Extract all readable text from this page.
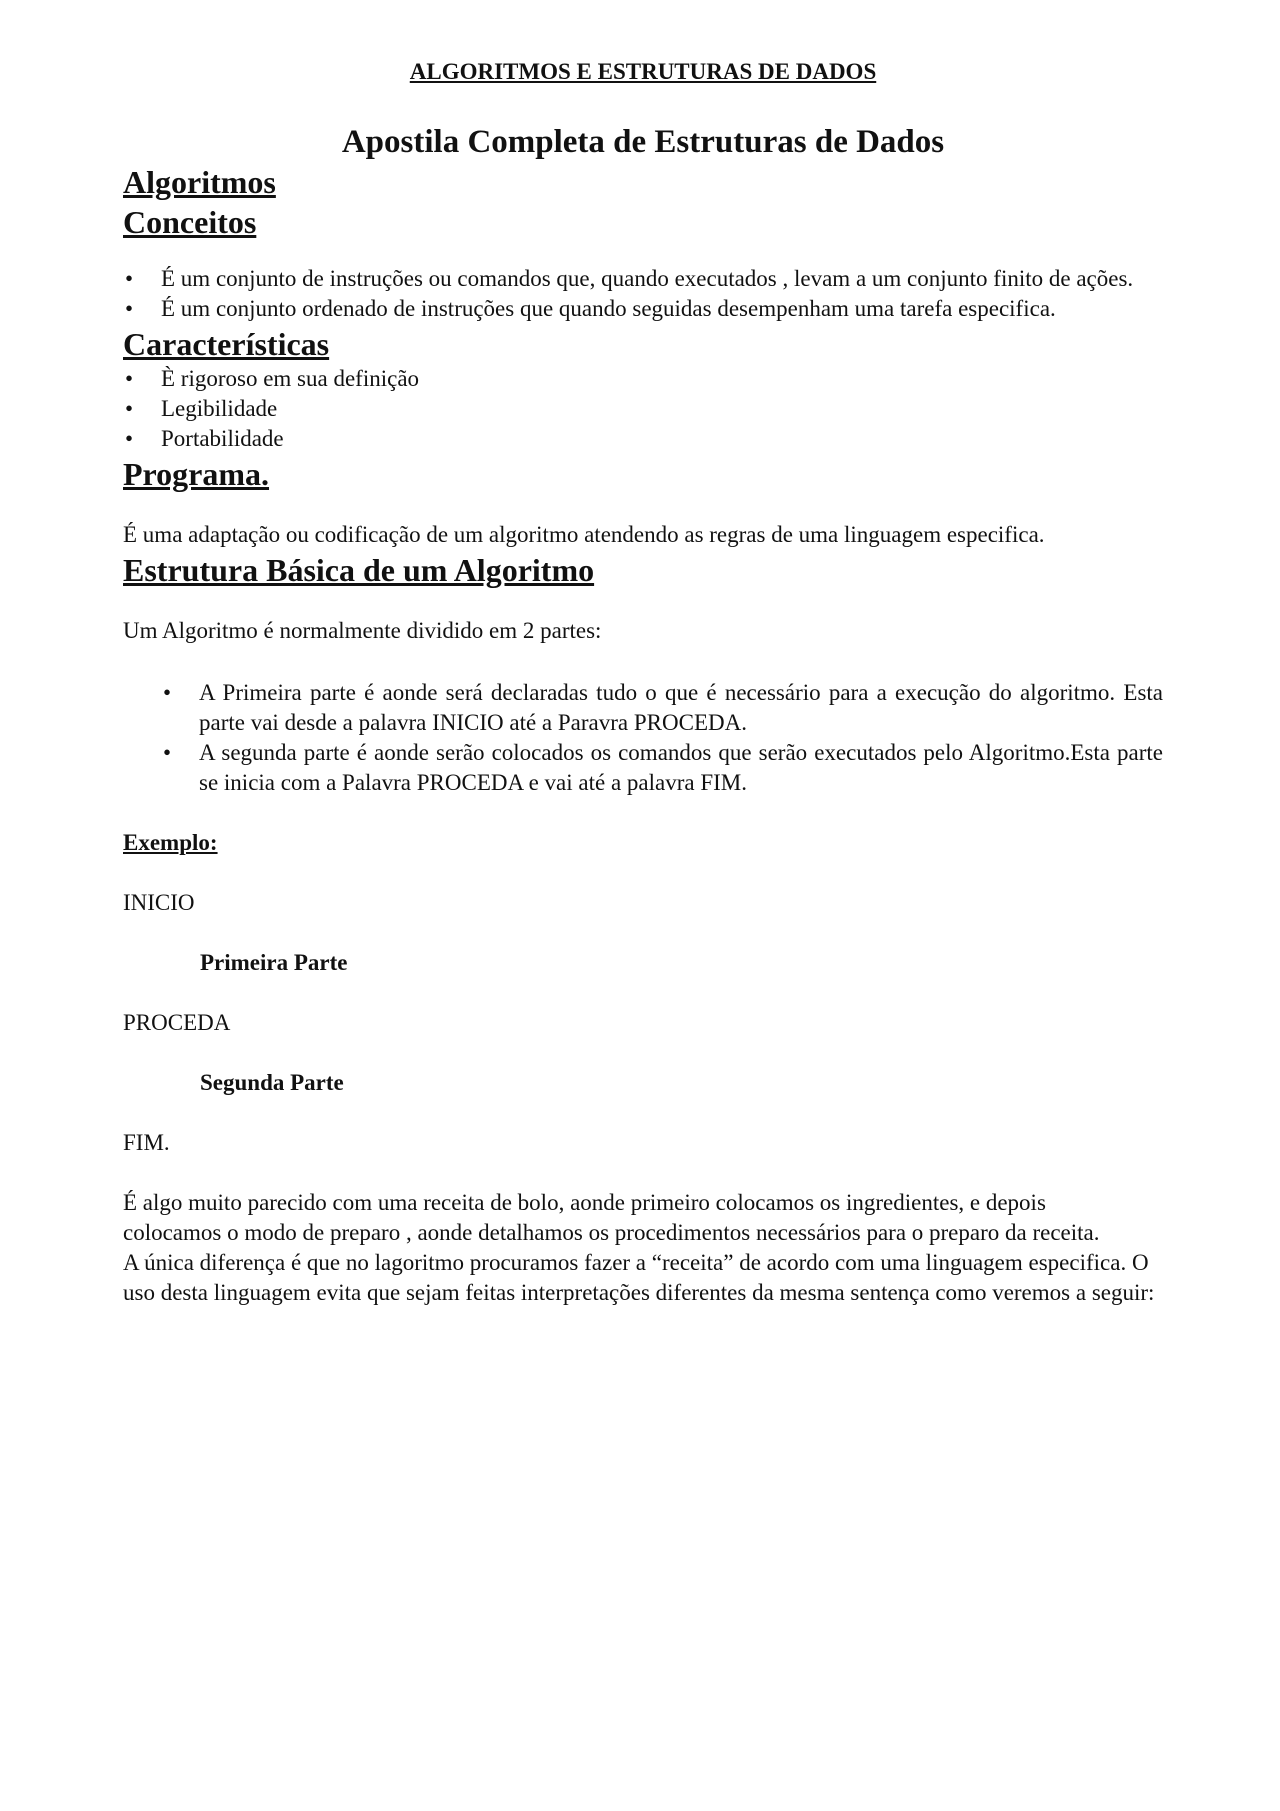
ALGORITMOS E ESTRUTURAS DE DADOS

Apostila Completa de Estruturas de Dados

Algoritmos
Conceitos
• É um conjunto de instruções ou comandos que, quando executados , levam a um conjunto finito de ações.
• É um conjunto ordenado de instruções que quando seguidas desempenham uma tarefa especifica.
Características
• È rigoroso em sua definição
• Legibilidade
• Portabilidade
Programa.

É uma adaptação ou codificação de um algoritmo atendendo as regras de uma linguagem especifica.

Estrutura Básica de um Algoritmo

Um Algoritmo é normalmente dividido em 2 partes:

• A Primeira parte é aonde será declaradas tudo o que é necessário para a execução do algoritmo. Esta parte vai desde a palavra INICIO até a Paravra PROCEDA.
• A segunda parte é aonde serão colocados os comandos que serão executados pelo Algoritmo.Esta parte se inicia com a Palavra PROCEDA e vai até a palavra FIM.

Exemplo:

INICIO

Primeira Parte

PROCEDA

Segunda Parte

FIM.

É algo muito parecido com uma receita de bolo, aonde primeiro colocamos os ingredientes, e depois colocamos o modo de preparo , aonde detalhamos os procedimentos necessários para o preparo da receita.

A única diferença é que no lagoritmo procuramos fazer a “receita” de acordo com uma linguagem especifica. O uso desta linguagem evita que sejam feitas interpretações diferentes da mesma sentença como veremos a seguir:
